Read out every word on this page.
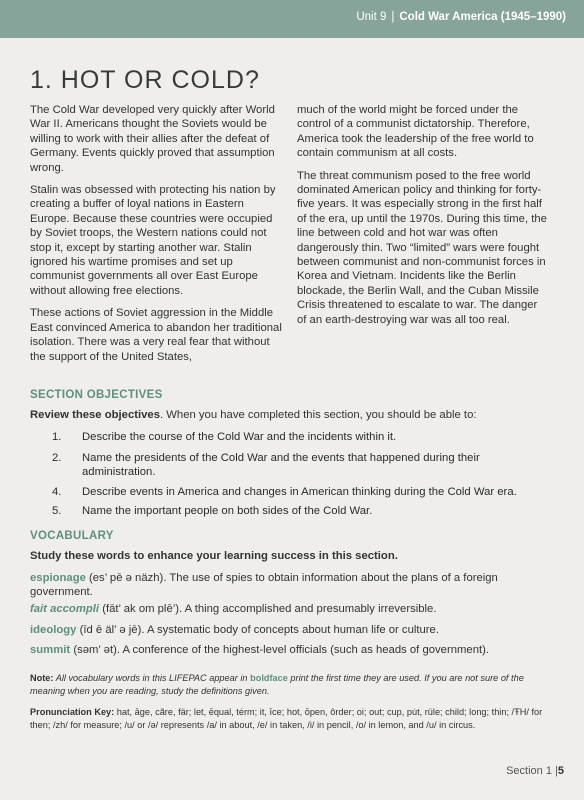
Unit 9 | Cold War America (1945–1990)
1. HOT OR COLD?

The Cold War developed very quickly after World War II. Americans thought the Soviets would be willing to work with their allies after the defeat of Germany. Events quickly proved that assumption wrong.

Stalin was obsessed with protecting his nation by creating a buffer of loyal nations in Eastern Europe. Because these countries were occupied by Soviet troops, the Western nations could not stop it, except by starting another war. Stalin ignored his wartime promises and set up communist governments all over East Europe without allowing free elections.

These actions of Soviet aggression in the Middle East convinced America to abandon her traditional isolation. There was a very real fear that without the support of the United States,

much of the world might be forced under the control of a communist dictatorship. Therefore, America took the leadership of the free world to contain communism at all costs.

The threat communism posed to the free world dominated American policy and thinking for forty-five years. It was especially strong in the first half of the era, up until the 1970s. During this time, the line between cold and hot war was often dangerously thin. Two “limited” wars were fought between communist and non-communist forces in Korea and Vietnam. Incidents like the Berlin blockade, the Berlin Wall, and the Cuban Missile Crisis threatened to escalate to war. The danger of an earth-destroying war was all too real.

SECTION OBJECTIVES
Review these objectives. When you have completed this section, you should be able to:
1. Describe the course of the Cold War and the incidents within it.
2. Name the presidents of the Cold War and the events that happened during their administration.
4. Describe events in America and changes in American thinking during the Cold War era.
5. Name the important people on both sides of the Cold War.
VOCABULARY
Study these words to enhance your learning success in this section.
espionage (es’ pē ə näzh). The use of spies to obtain information about the plans of a foreign government.
fait accompli (fāt’ ak om plē’). A thing accomplished and presumably irreversible.
ideology (īd ē äl’ ə jē). A systematic body of concepts about human life or culture.
summit (səm’ ət). A conference of the highest-level officials (such as heads of government).
Note: All vocabulary words in this LIFEPAC appear in boldface print the first time they are used. If you are not sure of the meaning when you are reading, study the definitions given.
Pronunciation Key: hat, āge, cãre, fär; let, ēqual, tėrm; it, īce; hot, ōpen, ôrder; oi; out; cup, pu̇t, rüle; child; long; thin; /ŦH/ for then; /zh/ for measure; /u/ or /ə/ represents /a/ in about, /e/ in taken, /i/ in pencil, /o/ in lemon, and /u/ in circus.
Section 1 |5
